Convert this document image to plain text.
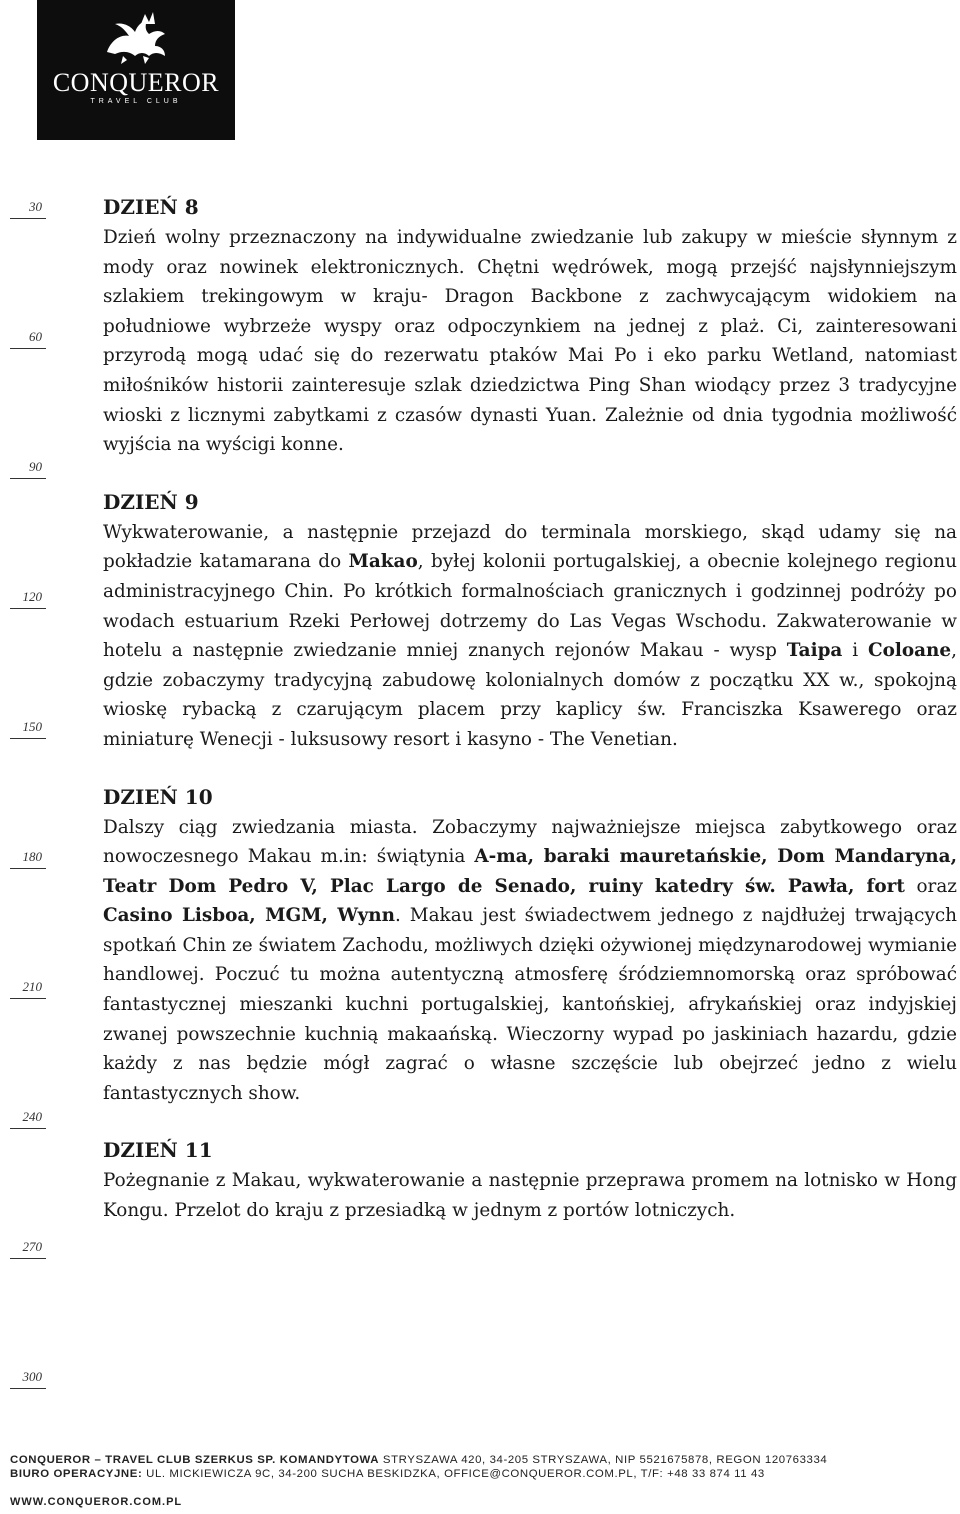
CONQUEROR
TRAVEL CLUB
30
60
90
120
150
180
210
240
270
300
DZIEŃ 8

Dzień wolny przeznaczony na indywidualne zwiedzanie lub zakupy w mieście słynnym z mody oraz nowinek elektronicznych. Chętni wędrówek, mogą przejść najsłynniejszym szlakiem trekingowym w kraju- Dragon Backbone z zachwycającym widokiem na południowe wybrzeże wyspy oraz odpoczynkiem na jednej z plaż. Ci, zainteresowani przyrodą mogą udać się do rezerwatu ptaków Mai Po i eko parku Wetland, natomiast miłośników historii zainteresuje szlak dziedzictwa Ping Shan wiodący przez 3 tradycyjne wioski z licznymi zabytkami z czasów dynasti Yuan. Zależnie od dnia tygodnia możliwość wyjścia na wyścigi konne.

DZIEŃ 9

Wykwaterowanie, a następnie przejazd do terminala morskiego, skąd udamy się na pokładzie katamarana do Makao, byłej kolonii portugalskiej, a obecnie kolejnego regionu administracyjnego Chin. Po krótkich formalnościach granicznych i godzinnej podróży po wodach estuarium Rzeki Perłowej dotrzemy do Las Vegas Wschodu. Zakwaterowanie w hotelu a następnie zwiedzanie mniej znanych rejonów Makau - wysp Taipa i Coloane, gdzie zobaczymy tradycyjną zabudowę kolonialnych domów z początku XX w., spokojną wioskę rybacką z czarującym placem przy kaplicy św. Franciszka Ksawerego oraz miniaturę Wenecji - luksusowy resort i kasyno - The Venetian.

DZIEŃ 10

Dalszy ciąg zwiedzania miasta. Zobaczymy najważniejsze miejsca zabytkowego oraz nowoczesnego Makau m.in: świątynia A-ma, baraki mauretańskie, Dom Mandaryna, Teatr Dom Pedro V, Plac Largo de Senado, ruiny katedry św. Pawła, fort oraz Casino Lisboa, MGM, Wynn. Makau jest świadectwem jednego z najdłużej trwających spotkań Chin ze światem Zachodu, możliwych dzięki ożywionej międzynarodowej wymianie handlowej. Poczuć tu można autentyczną atmosferę śródziemnomorską oraz spróbować fantastycznej mieszanki kuchni portugalskiej, kantońskiej, afrykańskiej oraz indyjskiej zwanej powszechnie kuchnią makaańską. Wieczorny wypad po jaskiniach hazardu, gdzie każdy z nas będzie mógł zagrać o własne szczęście lub obejrzeć jedno z wielu fantastycznych show.

DZIEŃ 11

Pożegnanie z Makau, wykwaterowanie a następnie przeprawa promem na lotnisko w Hong Kongu. Przelot do kraju z przesiadką w jednym z portów lotniczych.

CONQUEROR – TRAVEL CLUB SZERKUS SP. KOMANDYTOWA STRYSZAWA 420, 34-205 STRYSZAWA, NIP 5521675878, REGON 120763334
BIURO OPERACYJNE: UL. MICKIEWICZA 9C, 34-200 SUCHA BESKIDZKA, OFFICE@CONQUEROR.COM.PL, T/F: +48 33 874 11 43
WWW.CONQUEROR.COM.PL
